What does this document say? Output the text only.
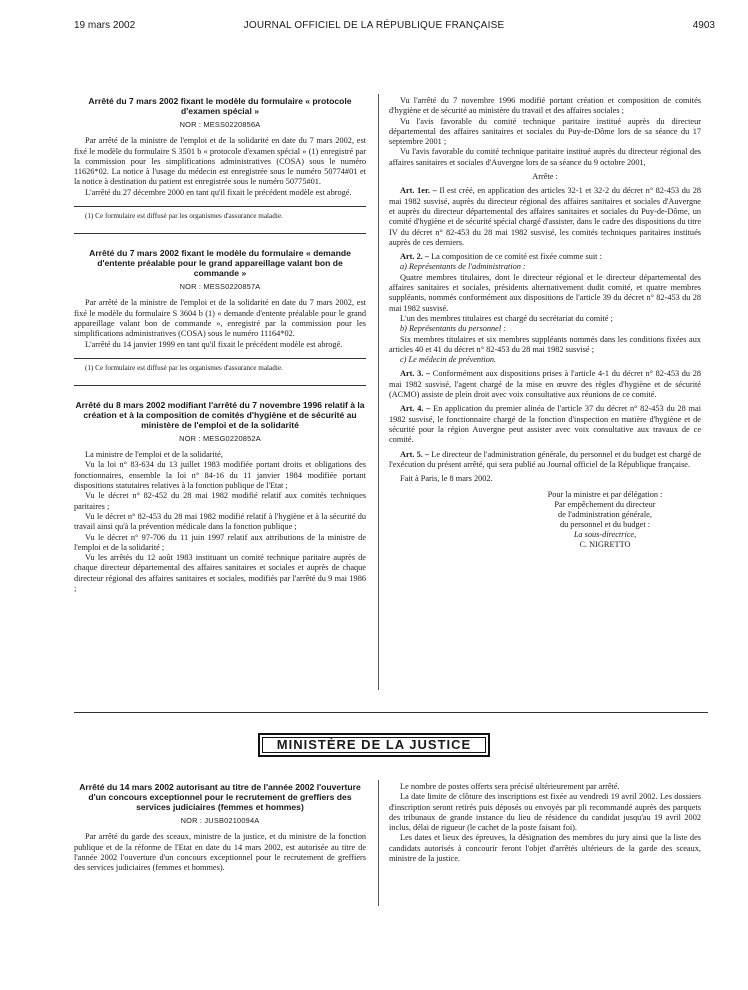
19 mars 2002	JOURNAL OFFICIEL DE LA RÉPUBLIQUE FRANÇAISE	4903
Arrêté du 7 mars 2002 fixant le modèle du formulaire « protocole d'examen spécial »
NOR : MESS0220856A

Par arrêté de la ministre de l'emploi et de la solidarité en date du 7 mars 2002, est fixé le modèle du formulaire S 3501 b « protocole d'examen spécial » (1) enregistré par la commission pour les simplifications administratives (COSA) sous le numéro 11626*02. La notice à l'usage du médecin est enregistrée sous le numéro 50774#01 et la notice à destination du patient est enregistrée sous le numéro 50775#01.

L'arrêté du 27 décembre 2000 en tant qu'il fixait le précédent modèle est abrogé.

(1) Ce formulaire est diffusé par les organismes d'assurance maladie.
Arrêté du 7 mars 2002 fixant le modèle du formulaire « demande d'entente préalable pour le grand appareillage valant bon de commande »
NOR : MESS0220857A

Par arrêté de la ministre de l'emploi et de la solidarité en date du 7 mars 2002, est fixé le modèle du formulaire S 3604 b (1) « demande d'entente préalable pour le grand appareillage valant bon de commande », enregistré par la commission pour les simplifications administratives (COSA) sous le numéro 11164*02.

L'arrêté du 14 janvier 1999 en tant qu'il fixait le précédent modèle est abrogé.

(1) Ce formulaire est diffusé par les organismes d'assurance maladie.
Arrêté du 8 mars 2002 modifiant l'arrêté du 7 novembre 1996 relatif à la création et à la composition de comités d'hygiène et de sécurité au ministère de l'emploi et de la solidarité
NOR : MESG0220852A

La ministre de l'emploi et de la solidarité,

Vu la loi n° 83-634 du 13 juillet 1983 modifiée portant droits et obligations des fonctionnaires, ensemble la loi n° 84-16 du 11 janvier 1984 modifiée portant dispositions statutaires relatives à la fonction publique de l'Etat ;

Vu le décret n° 82-452 du 28 mai 1982 modifié relatif aux comités techniques paritaires ;

Vu le décret n° 82-453 du 28 mai 1982 modifié relatif à l'hygiène et à la sécurité du travail ainsi qu'à la prévention médicale dans la fonction publique ;

Vu le décret n° 97-706 du 11 juin 1997 relatif aux attributions de la ministre de l'emploi et de la solidarité ;

Vu les arrêtés du 12 août 1983 instituant un comité technique paritaire auprès de chaque directeur départemental des affaires sanitaires et sociales et auprès de chaque directeur régional des affaires sanitaires et sociales, modifiés par l'arrêté du 9 mai 1986 ;

Vu l'arrêté du 7 novembre 1996 modifié portant création et composition de comités d'hygiène et de sécurité au ministère du travail et des affaires sociales ;

Vu l'avis favorable du comité technique paritaire institué auprès du directeur départemental des affaires sanitaires et sociales du Puy-de-Dôme lors de sa séance du 17 septembre 2001 ;

Vu l'avis favorable du comité technique paritaire institué auprès du directeur régional des affaires sanitaires et sociales d'Auvergne lors de sa séance du 9 octobre 2001,

Arrête :

Art. 1er. – Il est créé, en application des articles 32-1 et 32-2 du décret n° 82-453 du 28 mai 1982 susvisé, auprès du directeur régional des affaires sanitaires et sociales d'Auvergne et auprès du directeur départemental des affaires sanitaires et sociales du Puy-de-Dôme, un comité d'hygiène et de sécurité spécial chargé d'assister, dans le cadre des dispositions du titre IV du décret n° 82-453 du 28 mai 1982 susvisé, les comités techniques paritaires institués auprès de ces derniers.

Art. 2. – La composition de ce comité est fixée comme suit :

a) Représentants de l'administration :

Quatre membres titulaires, dont le directeur régional et le directeur départemental des affaires sanitaires et sociales, présidents alternativement dudit comité, et quatre membres suppléants, nommés conformément aux dispositions de l'article 39 du décret n° 82-453 du 28 mai 1982 susvisé.

L'un des membres titulaires est chargé du secrétariat du comité ;

b) Représentants du personnel :

Six membres titulaires et six membres suppléants nommés dans les conditions fixées aux articles 40 et 41 du décret n° 82-453 du 28 mai 1982 susvisé ;

c) Le médecin de prévention.

Art. 3. – Conformément aux dispositions prises à l'article 4-1 du décret n° 82-453 du 28 mai 1982 susvisé, l'agent chargé de la mise en œuvre des règles d'hygiène et de sécurité (ACMO) assiste de plein droit avec voix consultative aux réunions de ce comité.

Art. 4. – En application du premier alinéa de l'article 37 du décret n° 82-453 du 28 mai 1982 susvisé, le fonctionnaire chargé de la fonction d'inspection en matière d'hygiène et de sécurité pour la région Auvergne peut assister avec voix consultative aux travaux de ce comité.

Art. 5. – Le directeur de l'administration générale, du personnel et du budget est chargé de l'exécution du présent arrêté, qui sera publié au Journal officiel de la République française.

Fait à Paris, le 8 mars 2002.

Pour la ministre et par délégation :
Par empêchement du directeur
de l'administration générale,
du personnel et du budget :
La sous-directrice,
C. NIGRETTO
MINISTÈRE DE LA JUSTICE
Arrêté du 14 mars 2002 autorisant au titre de l'année 2002 l'ouverture d'un concours exceptionnel pour le recrutement de greffiers des services judiciaires (femmes et hommes)
NOR : JUSB0210094A

Par arrêté du garde des sceaux, ministre de la justice, et du ministre de la fonction publique et de la réforme de l'Etat en date du 14 mars 2002, est autorisée au titre de l'année 2002 l'ouverture d'un concours exceptionnel pour le recrutement de greffiers des services judiciaires (femmes et hommes).

Le nombre de postes offerts sera précisé ultérieurement par arrêté.

La date limite de clôture des inscriptions est fixée au vendredi 19 avril 2002. Les dossiers d'inscription seront retirés puis déposés ou envoyés par pli recommandé auprès des parquets des tribunaux de grande instance du lieu de résidence du candidat jusqu'au 19 avril 2002 inclus, délai de rigueur (le cachet de la poste faisant foi).

Les dates et lieux des épreuves, la désignation des membres du jury ainsi que la liste des candidats autorisés à concourir feront l'objet d'arrêtés ultérieurs de la garde des sceaux, ministre de la justice.
